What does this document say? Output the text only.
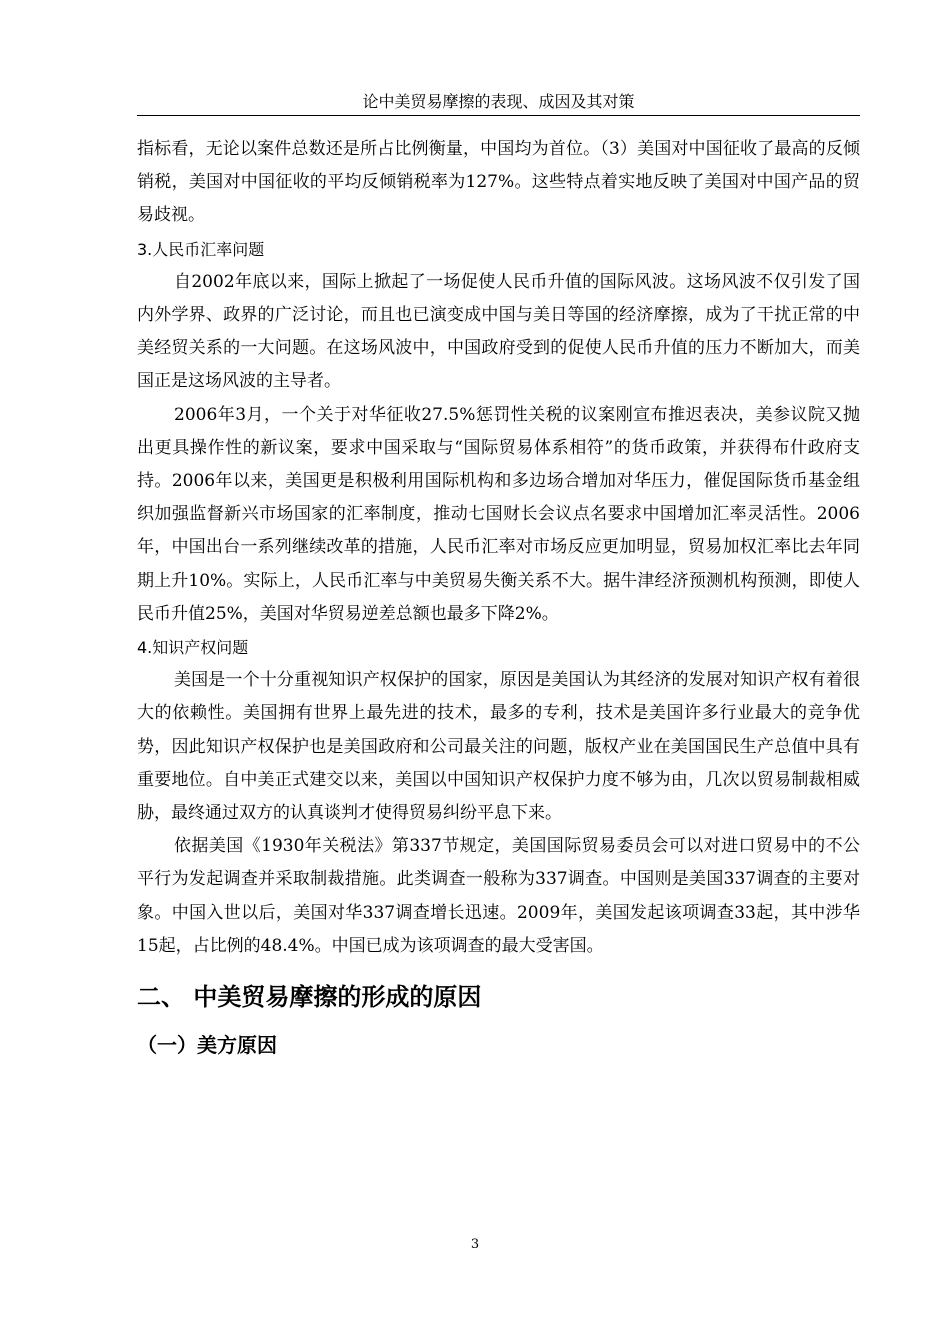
论中美贸易摩擦的表现、成因及其对策

指标看，无论以案件总数还是所占比例衡量，中国均为首位。（3）美国对中国征收了最高的反倾销税，美国对中国征收的平均反倾销税率为127%。这些特点着实地反映了美国对中国产品的贸易歧视。

3.人民币汇率问题

自2002年底以来，国际上掀起了一场促使人民币升值的国际风波。这场风波不仅引发了国内外学界、政界的广泛讨论，而且也已演变成中国与美日等国的经济摩擦，成为了干扰正常的中美经贸关系的一大问题。在这场风波中，中国政府受到的促使人民币升值的压力不断加大，而美国正是这场风波的主导者。

2006年3月，一个关于对华征收27.5%惩罚性关税的议案刚宣布推迟表决，美参议院又抛出更具操作性的新议案，要求中国采取与“国际贸易体系相符”的货币政策，并获得布什政府支持。2006年以来，美国更是积极利用国际机构和多边场合增加对华压力，催促国际货币基金组织加强监督新兴市场国家的汇率制度，推动七国财长会议点名要求中国增加汇率灵活性。2006年，中国出台一系列继续改革的措施，人民币汇率对市场反应更加明显，贸易加权汇率比去年同期上升10%。实际上，人民币汇率与中美贸易失衡关系不大。据牛津经济预测机构预测，即使人民币升值25%，美国对华贸易逆差总额也最多下降2%。

4.知识产权问题

美国是一个十分重视知识产权保护的国家，原因是美国认为其经济的发展对知识产权有着很大的依赖性。美国拥有世界上最先进的技术，最多的专利，技术是美国许多行业最大的竞争优势，因此知识产权保护也是美国政府和公司最关注的问题，版权产业在美国国民生产总值中具有重要地位。自中美正式建交以来，美国以中国知识产权保护力度不够为由，几次以贸易制裁相威胁，最终通过双方的认真谈判才使得贸易纠纷平息下来。

依据美国《1930年关税法》第337节规定，美国国际贸易委员会可以对进口贸易中的不公平行为发起调查并采取制裁措施。此类调查一般称为337调查。中国则是美国337调查的主要对象。中国入世以后，美国对华337调查增长迅速。2009年，美国发起该项调查33起，其中涉华15起，占比例的48.4%。中国已成为该项调查的最大受害国。

二、 中美贸易摩擦的形成的原因
（一）美方原因
3
